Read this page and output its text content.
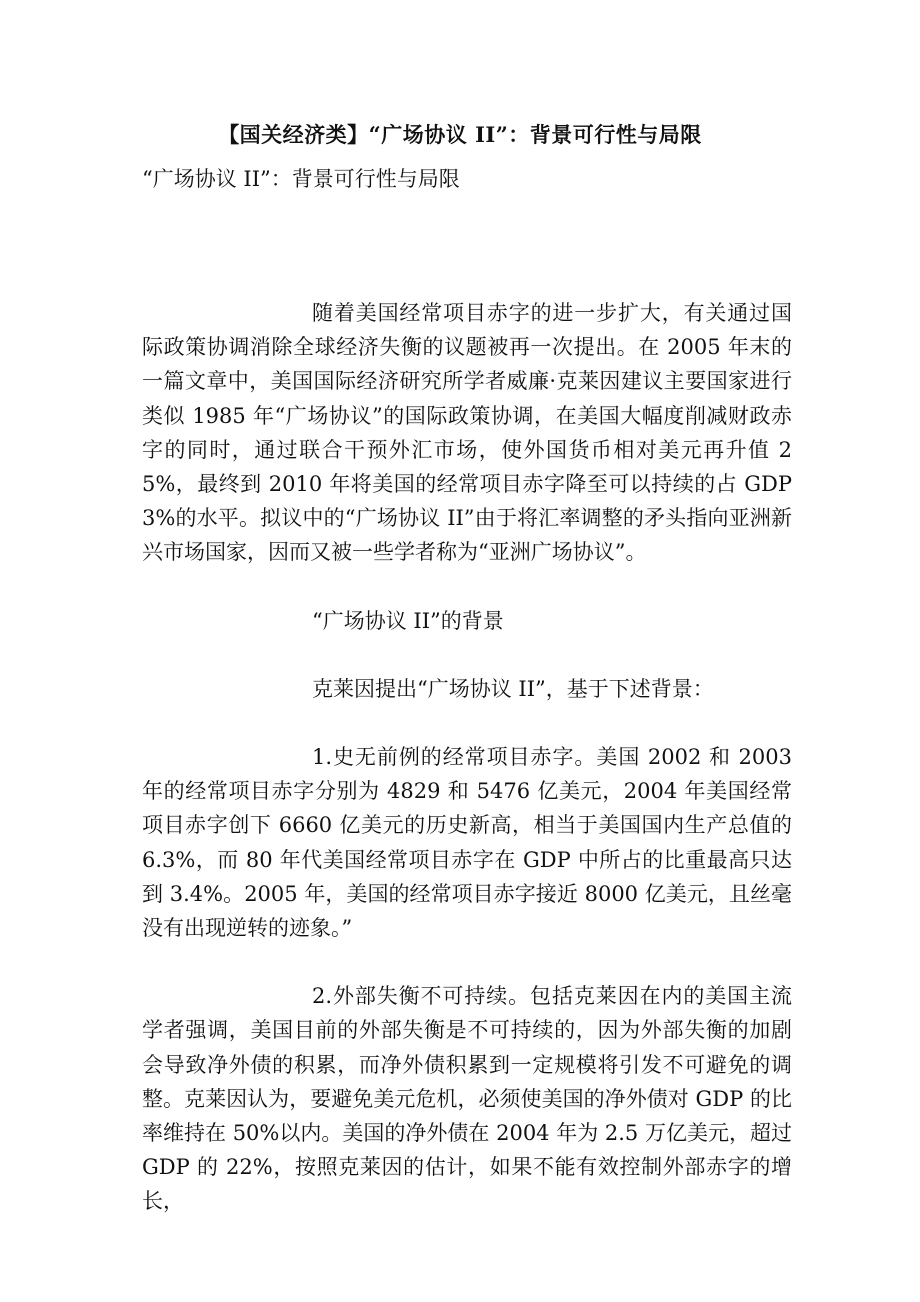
【国关经济类】“广场协议 II”：背景可行性与局限
“广场协议 II”：背景可行性与局限

随着美国经常项目赤字的进一步扩大，有关通过国际政策协调消除全球经济失衡的议题被再一次提出。在 2005 年末的一篇文章中，美国国际经济研究所学者威廉·克莱因建议主要国家进行类似 1985 年“广场协议”的国际政策协调，在美国大幅度削减财政赤字的同时，通过联合干预外汇市场，使外国货币相对美元再升值 25%，最终到 2010 年将美国的经常项目赤字降至可以持续的占 GDP3%的水平。拟议中的“广场协议 II”由于将汇率调整的矛头指向亚洲新兴市场国家，因而又被一些学者称为“亚洲广场协议”。

“广场协议 II”的背景

克莱因提出“广场协议 II”，基于下述背景：

1.史无前例的经常项目赤字。美国 2002 和 2003 年的经常项目赤字分别为 4829 和 5476 亿美元，2004 年美国经常项目赤字创下 6660 亿美元的历史新高，相当于美国国内生产总值的 6.3%，而 80 年代美国经常项目赤字在 GDP 中所占的比重最高只达到 3.4%。2005 年，美国的经常项目赤字接近 8000 亿美元，且丝毫没有出现逆转的迹象。”

2.外部失衡不可持续。包括克莱因在内的美国主流学者强调，美国目前的外部失衡是不可持续的，因为外部失衡的加剧会导致净外债的积累，而净外债积累到一定规模将引发不可避免的调整。克莱因认为，要避免美元危机，必须使美国的净外债对 GDP 的比率维持在 50%以内。美国的净外债在 2004 年为 2.5 万亿美元，超过 GDP 的 22%，按照克莱因的估计，如果不能有效控制外部赤字的增长，
